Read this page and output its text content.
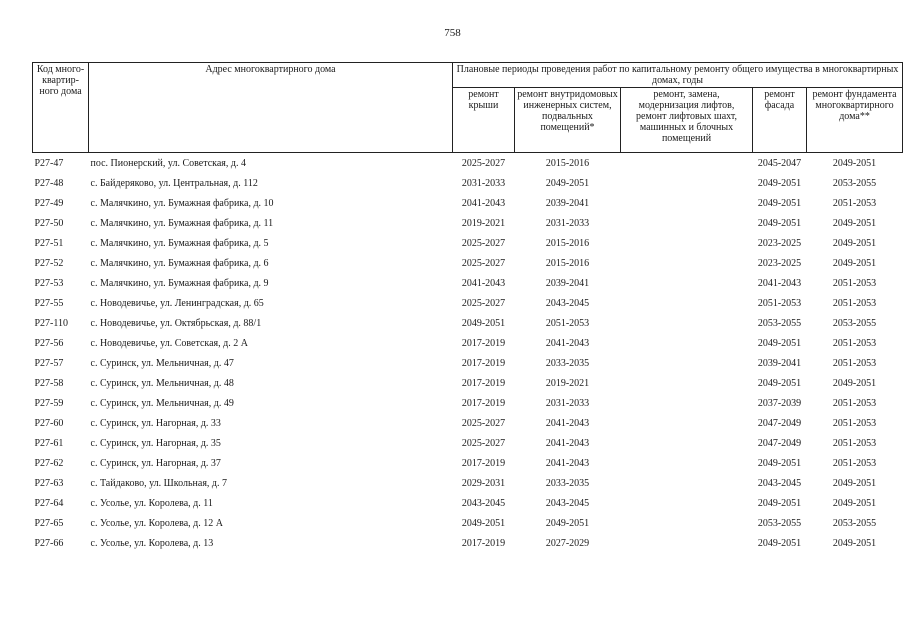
758
Код много-квартир-ного дома	Адрес многоквартирного дома	Плановые периоды проведения работ по капитальному ремонту общего имущества в многоквартирных домах, годы				
		ремонт крыши	ремонт внутридомовых инженерных систем, подвальных помещений*	ремонт, замена, модернизация лифтов, ремонт лифтовых шахт, машинных и блочных помещений	ремонт фасада	ремонт фундамента многоквартирного дома**
Р27-47	пос. Пионерский, ул. Советская, д. 4	2025-2027	2015-2016		2045-2047	2049-2051
Р27-48	с. Байдеряково, ул. Центральная, д. 112	2031-2033	2049-2051		2049-2051	2053-2055
Р27-49	с. Малячкино, ул. Бумажная фабрика, д. 10	2041-2043	2039-2041		2049-2051	2051-2053
Р27-50	с. Малячкино, ул. Бумажная фабрика, д. 11	2019-2021	2031-2033		2049-2051	2049-2051
Р27-51	с. Малячкино, ул. Бумажная фабрика, д. 5	2025-2027	2015-2016		2023-2025	2049-2051
Р27-52	с. Малячкино, ул. Бумажная фабрика, д. 6	2025-2027	2015-2016		2023-2025	2049-2051
Р27-53	с. Малячкино, ул. Бумажная фабрика, д. 9	2041-2043	2039-2041		2041-2043	2051-2053
Р27-55	с. Новодевичье, ул. Ленинградская, д. 65	2025-2027	2043-2045		2051-2053	2051-2053
Р27-110	с. Новодевичье, ул. Октябрьская, д. 88/1	2049-2051	2051-2053		2053-2055	2053-2055
Р27-56	с. Новодевичье, ул. Советская, д. 2 А	2017-2019	2041-2043		2049-2051	2051-2053
Р27-57	с. Суринск, ул. Мельничная, д. 47	2017-2019	2033-2035		2039-2041	2051-2053
Р27-58	с. Суринск, ул. Мельничная, д. 48	2017-2019	2019-2021		2049-2051	2049-2051
Р27-59	с. Суринск, ул. Мельничная, д. 49	2017-2019	2031-2033		2037-2039	2051-2053
Р27-60	с. Суринск, ул. Нагорная, д. 33	2025-2027	2041-2043		2047-2049	2051-2053
Р27-61	с. Суринск, ул. Нагорная, д. 35	2025-2027	2041-2043		2047-2049	2051-2053
Р27-62	с. Суринск, ул. Нагорная, д. 37	2017-2019	2041-2043		2049-2051	2051-2053
Р27-63	с. Тайдаково, ул. Школьная, д. 7	2029-2031	2033-2035		2043-2045	2049-2051
Р27-64	с. Усолье, ул. Королева, д. 11	2043-2045	2043-2045		2049-2051	2049-2051
Р27-65	с. Усолье, ул. Королева, д. 12 А	2049-2051	2049-2051		2053-2055	2053-2055
Р27-66	с. Усолье, ул. Королева, д. 13	2017-2019	2027-2029		2049-2051	2049-2051
